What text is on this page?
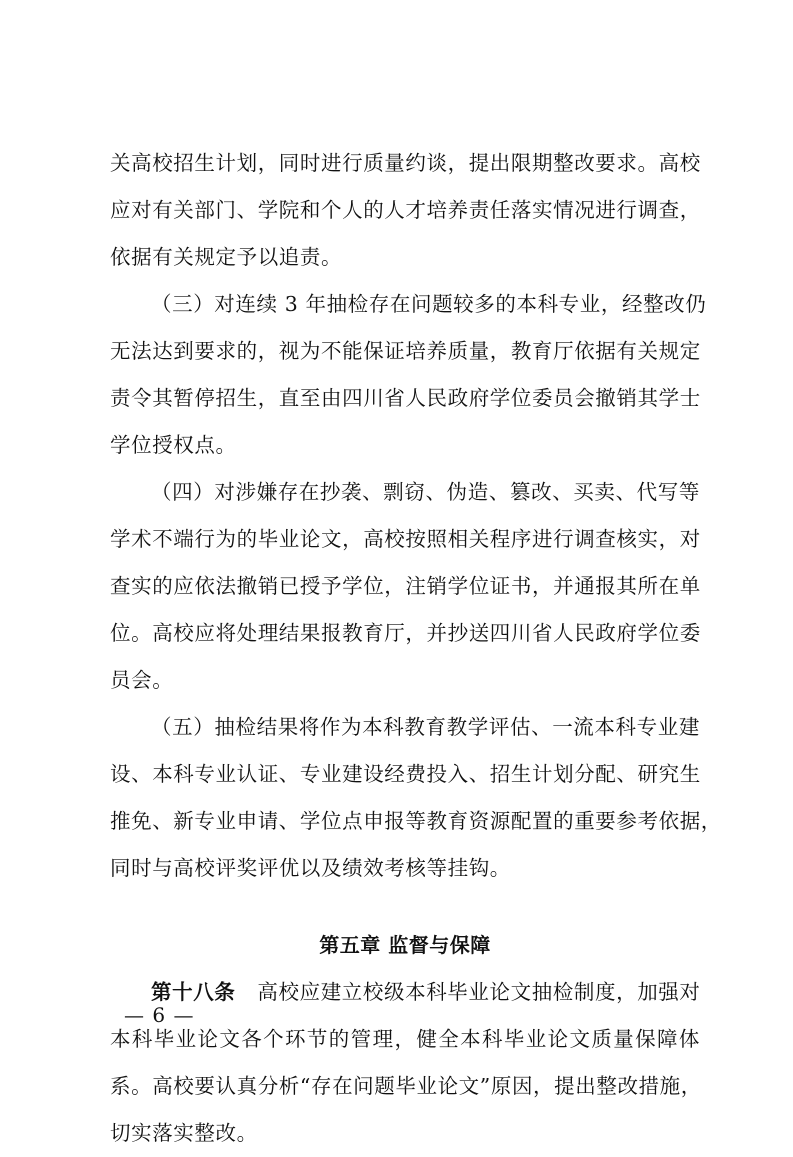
关高校招生计划，同时进行质量约谈，提出限期整改要求。高校
应对有关部门、学院和个人的人才培养责任落实情况进行调查，
依据有关规定予以追责。
（三）对连续 3 年抽检存在问题较多的本科专业，经整改仍
无法达到要求的，视为不能保证培养质量，教育厅依据有关规定
责令其暂停招生，直至由四川省人民政府学位委员会撤销其学士
学位授权点。
（四）对涉嫌存在抄袭、剽窃、伪造、篡改、买卖、代写等
学术不端行为的毕业论文，高校按照相关程序进行调查核实，对
查实的应依法撤销已授予学位，注销学位证书，并通报其所在单
位。高校应将处理结果报教育厅，并抄送四川省人民政府学位委
员会。
（五）抽检结果将作为本科教育教学评估、一流本科专业建
设、本科专业认证、专业建设经费投入、招生计划分配、研究生
推免、新专业申请、学位点申报等教育资源配置的重要参考依据，
同时与高校评奖评优以及绩效考核等挂钩。
第五章 监督与保障
第十八条 高校应建立校级本科毕业论文抽检制度，加强对
本科毕业论文各个环节的管理，健全本科毕业论文质量保障体
系。高校要认真分析“存在问题毕业论文”原因，提出整改措施，
切实落实整改。
— 6 —
